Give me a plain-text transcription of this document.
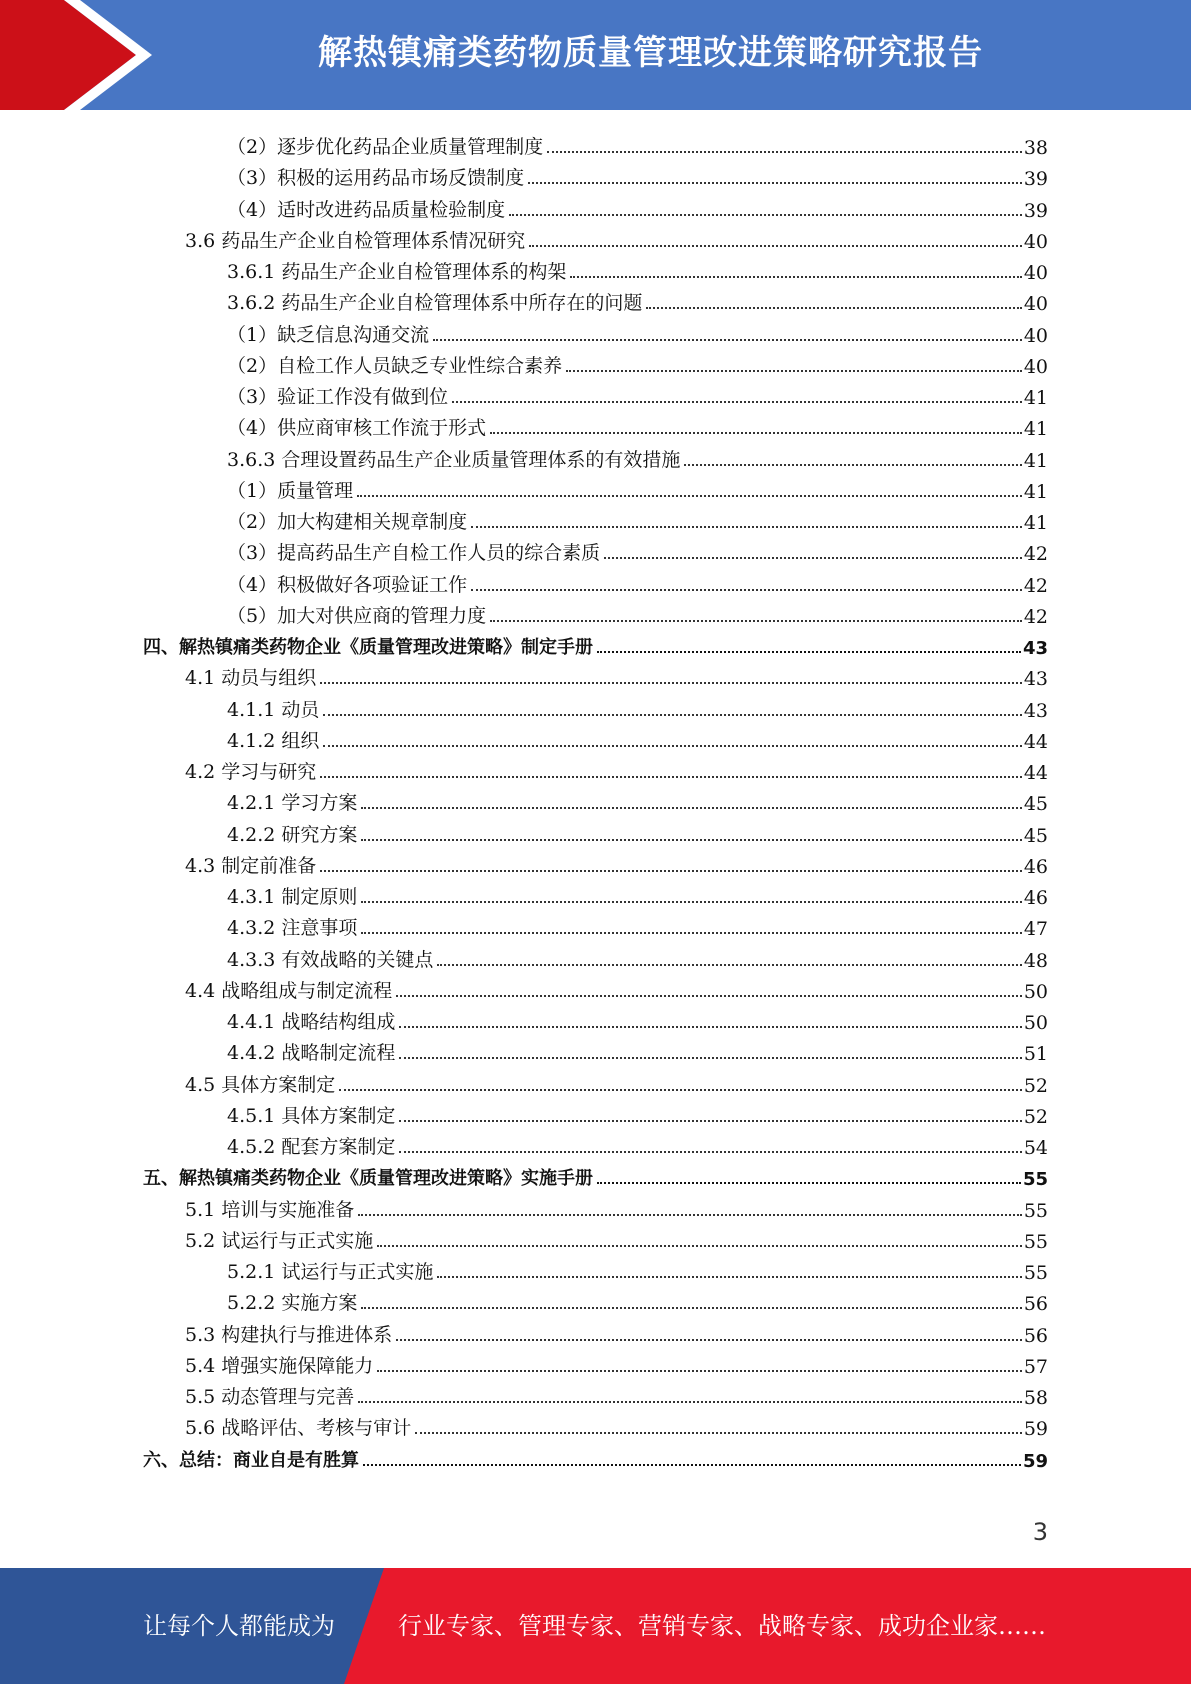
解热镇痛类药物质量管理改进策略研究报告
（2）逐步优化药品企业质量管理制度	38
（3）积极的运用药品市场反馈制度	39
（4）适时改进药品质量检验制度	39
3.6 药品生产企业自检管理体系情况研究	40
3.6.1 药品生产企业自检管理体系的构架	40
3.6.2 药品生产企业自检管理体系中所存在的问题	40
（1）缺乏信息沟通交流	40
（2）自检工作人员缺乏专业性综合素养	40
（3）验证工作没有做到位	41
（4）供应商审核工作流于形式	41
3.6.3 合理设置药品生产企业质量管理体系的有效措施	41
（1）质量管理	41
（2）加大构建相关规章制度	41
（3）提高药品生产自检工作人员的综合素质	42
（4）积极做好各项验证工作	42
（5）加大对供应商的管理力度	42
四、解热镇痛类药物企业《质量管理改进策略》制定手册	43
4.1 动员与组织	43
4.1.1 动员	43
4.1.2 组织	44
4.2 学习与研究	44
4.2.1 学习方案	45
4.2.2 研究方案	45
4.3 制定前准备	46
4.3.1 制定原则	46
4.3.2 注意事项	47
4.3.3 有效战略的关键点	48
4.4 战略组成与制定流程	50
4.4.1 战略结构组成	50
4.4.2 战略制定流程	51
4.5 具体方案制定	52
4.5.1 具体方案制定	52
4.5.2 配套方案制定	54
五、解热镇痛类药物企业《质量管理改进策略》实施手册	55
5.1 培训与实施准备	55
5.2 试运行与正式实施	55
5.2.1 试运行与正式实施	55
5.2.2 实施方案	56
5.3 构建执行与推进体系	56
5.4 增强实施保障能力	57
5.5 动态管理与完善	58
5.6 战略评估、考核与审计	59
六、总结：商业自是有胜算	59
3
让每个人都能成为	行业专家、管理专家、营销专家、战略专家、成功企业家……
